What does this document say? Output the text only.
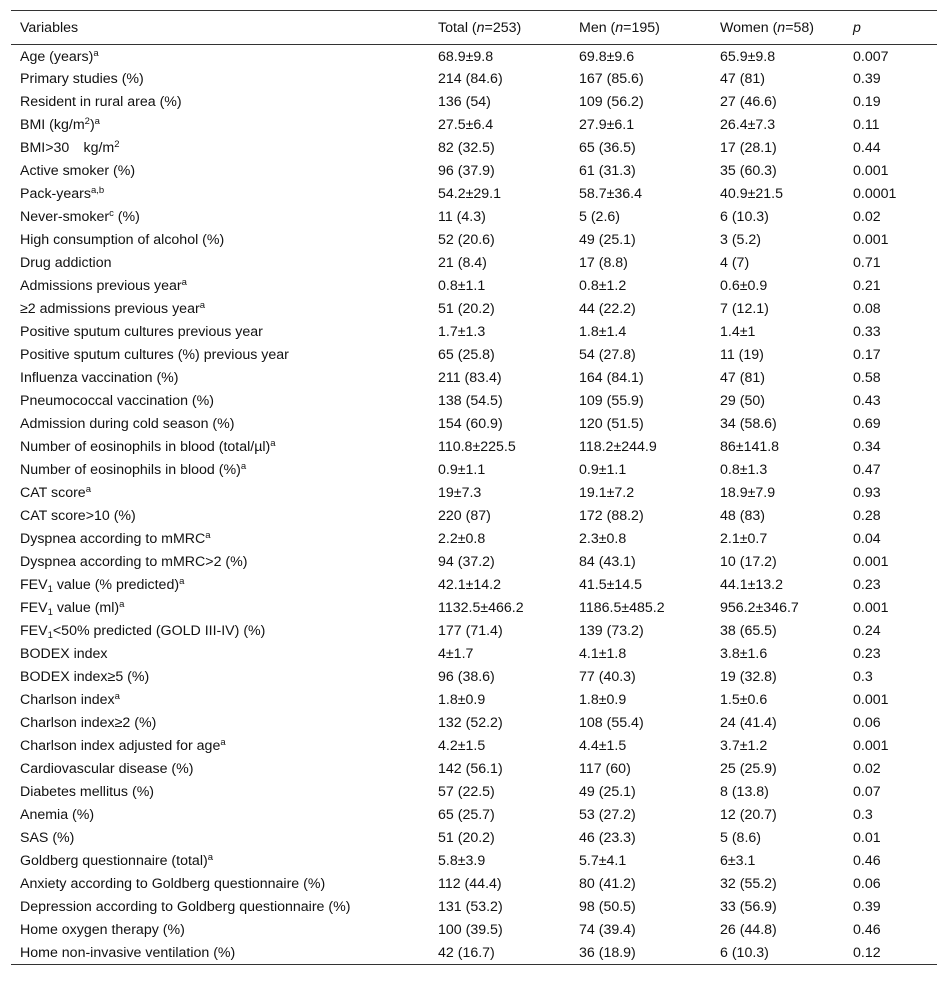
Variables	Total (n=253)	Men (n=195)	Women (n=58)	p
Age (years)$^a$	68.9±9.8	69.8±9.6	65.9±9.8	0.007
Primary studies (%)	214 (84.6)	167 (85.6)	47 (81)	0.39
Resident in rural area (%)	136 (54)	109 (56.2)	27 (46.6)	0.19
BMI $(kg/m^2)^a$	27.5±6.4	27.9±6.1	26.4±7.3	0.11
BMI>30 $kg/m^2$	82 (32.5)	65 (36.5)	17 (28.1)	0.44
Active smoker (%)	96 (37.9)	61 (31.3)	35 (60.3)	0.001
Pack-years$^{a,b}$	54.2±29.1	58.7±36.4	40.9±21.5	0.0001
Never-smoker$^c$ (%)	11 (4.3)	5 (2.6)	6 (10.3)	0.02
High consumption of alcohol (%)	52 (20.6)	49 (25.1)	3 (5.2)	0.001
Drug addiction	21 (8.4)	17 (8.8)	4 (7)	0.71
Admissions previous year$^a$	0.8±1.1	0.8±1.2	0.6±0.9	0.21
≥2 admissions previous year$^a$	51 (20.2)	44 (22.2)	7 (12.1)	0.08
Positive sputum cultures previous year	1.7±1.3	1.8±1.4	1.4±1	0.33
Positive sputum cultures (%) previous year	65 (25.8)	54 (27.8)	11 (19)	0.17
Influenza vaccination (%)	211 (83.4)	164 (84.1)	47 (81)	0.58
Pneumococcal vaccination (%)	138 (54.5)	109 (55.9)	29 (50)	0.43
Admission during cold season (%)	154 (60.9)	120 (51.5)	34 (58.6)	0.69
Number of eosinophils in blood (total/µl)$^a$	110.8±225.5	118.2±244.9	86±141.8	0.34
Number of eosinophils in blood (%)$^a$	0.9±1.1	0.9±1.1	0.8±1.3	0.47
CAT score$^a$	19±7.3	19.1±7.2	18.9±7.9	0.93
CAT score>10 (%)	220 (87)	172 (88.2)	48 (83)	0.28
Dyspnea according to mMRC$^a$	2.2±0.8	2.3±0.8	2.1±0.7	0.04
Dyspnea according to mMRC>2 (%)	94 (37.2)	84 (43.1)	10 (17.2)	0.001
$FEV_1$ value (% predicted)$^a$	42.1±14.2	41.5±14.5	44.1±13.2	0.23
$FEV_1$ value (ml)$^a$	1132.5±466.2	1186.5±485.2	956.2±346.7	0.001
$FEV_1<50\%$ predicted (GOLD III-IV) (%)	177 (71.4)	139 (73.2)	38 (65.5)	0.24
BODEX index	4±1.7	4.1±1.8	3.8±1.6	0.23
BODEX index≥5 (%)	96 (38.6)	77 (40.3)	19 (32.8)	0.3
Charlson index$^a$	1.8±0.9	1.8±0.9	1.5±0.6	0.001
Charlson index≥2 (%)	132 (52.2)	108 (55.4)	24 (41.4)	0.06
Charlson index adjusted for age$^a$	4.2±1.5	4.4±1.5	3.7±1.2	0.001
Cardiovascular disease (%)	142 (56.1)	117 (60)	25 (25.9)	0.02
Diabetes mellitus (%)	57 (22.5)	49 (25.1)	8 (13.8)	0.07
Anemia (%)	65 (25.7)	53 (27.2)	12 (20.7)	0.3
SAS (%)	51 (20.2)	46 (23.3)	5 (8.6)	0.01
Goldberg questionnaire (total)$^a$	5.8±3.9	5.7±4.1	6±3.1	0.46
Anxiety according to Goldberg questionnaire (%)	112 (44.4)	80 (41.2)	32 (55.2)	0.06
Depression according to Goldberg questionnaire (%)	131 (53.2)	98 (50.5)	33 (56.9)	0.39
Home oxygen therapy (%)	100 (39.5)	74 (39.4)	26 (44.8)	0.46
Home non-invasive ventilation (%)	42 (16.7)	36 (18.9)	6 (10.3)	0.12
